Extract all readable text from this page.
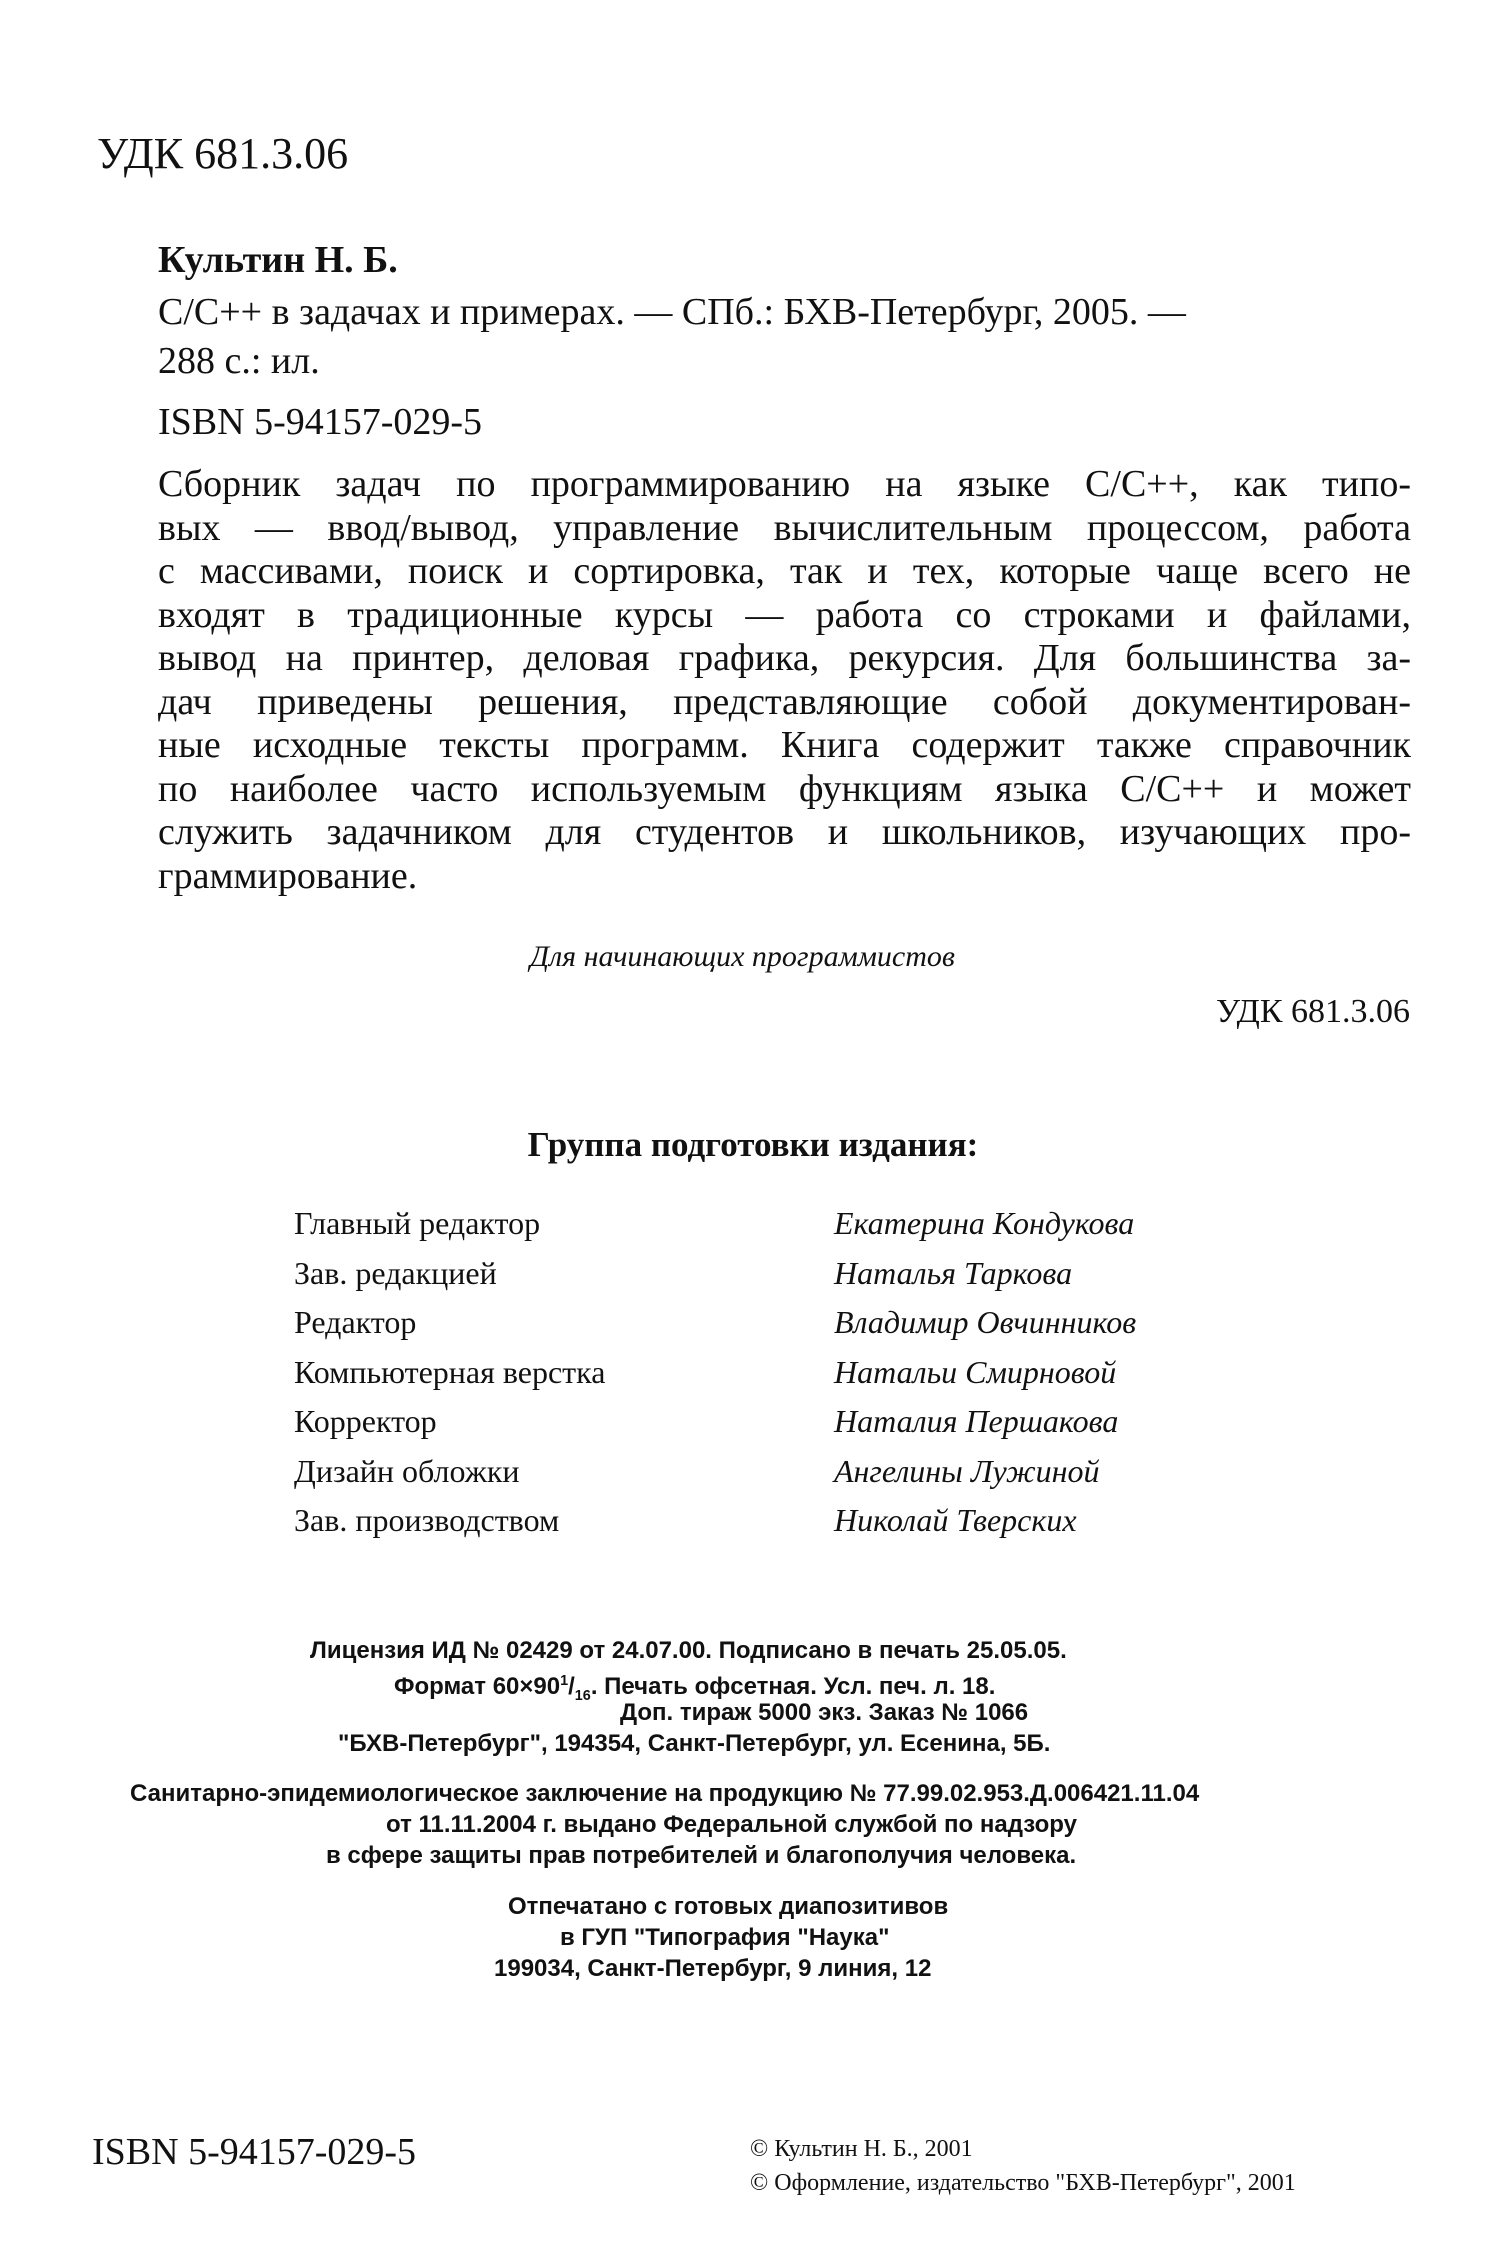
УДК 681.3.06
Культин Н. Б.
С/С++ в задачах и примерах. — СПб.: БХВ-Петербург, 2005. —
288 с.: ил.
ISBN 5-94157-029-5
Сборник задач по программированию на языке С/С++, как типо-
вых — ввод/вывод, управление вычислительным процессом, работа
с массивами, поиск и сортировка, так и тех, которые чаще всего не
входят в традиционные курсы — работа со строками и файлами,
вывод на принтер, деловая графика, рекурсия. Для большинства за-
дач приведены решения, представляющие собой документирован-
ные исходные тексты программ. Книга содержит также справочник
по наиболее часто используемым функциям языка С/С++ и может
служить задачником для студентов и школьников, изучающих про-
граммирование.
Для начинающих программистов
УДК 681.3.06
Группа подготовки издания:
Главный редактор	Екатерина Кондукова
Зав. редакцией	Наталья Таркова
Редактор	Владимир Овчинников
Компьютерная верстка	Натальи Смирновой
Корректор	Наталия Першакова
Дизайн обложки	Ангелины Лужиной
Зав. производством	Николай Тверских
Лицензия ИД № 02429 от 24.07.00. Подписано в печать 25.05.05.
Формат $60\times 90^1/_{16}$. Печать офсетная. Усл. печ. л. 18.
Доп. тираж 5000 экз. Заказ № 1066
"БХВ-Петербург", 194354, Санкт-Петербург, ул. Есенина, 5Б.
Санитарно-эпидемиологическое заключение на продукцию № 77.99.02.953.Д.006421.11.04
от 11.11.2004 г. выдано Федеральной службой по надзору
в сфере защиты прав потребителей и благополучия человека.
Отпечатано с готовых диапозитивов
в ГУП "Типография "Наука"
199034, Санкт-Петербург, 9 линия, 12
ISBN 5-94157-029-5	© Культин Н. Б., 2001
© Оформление, издательство "БХВ-Петербург", 2001
